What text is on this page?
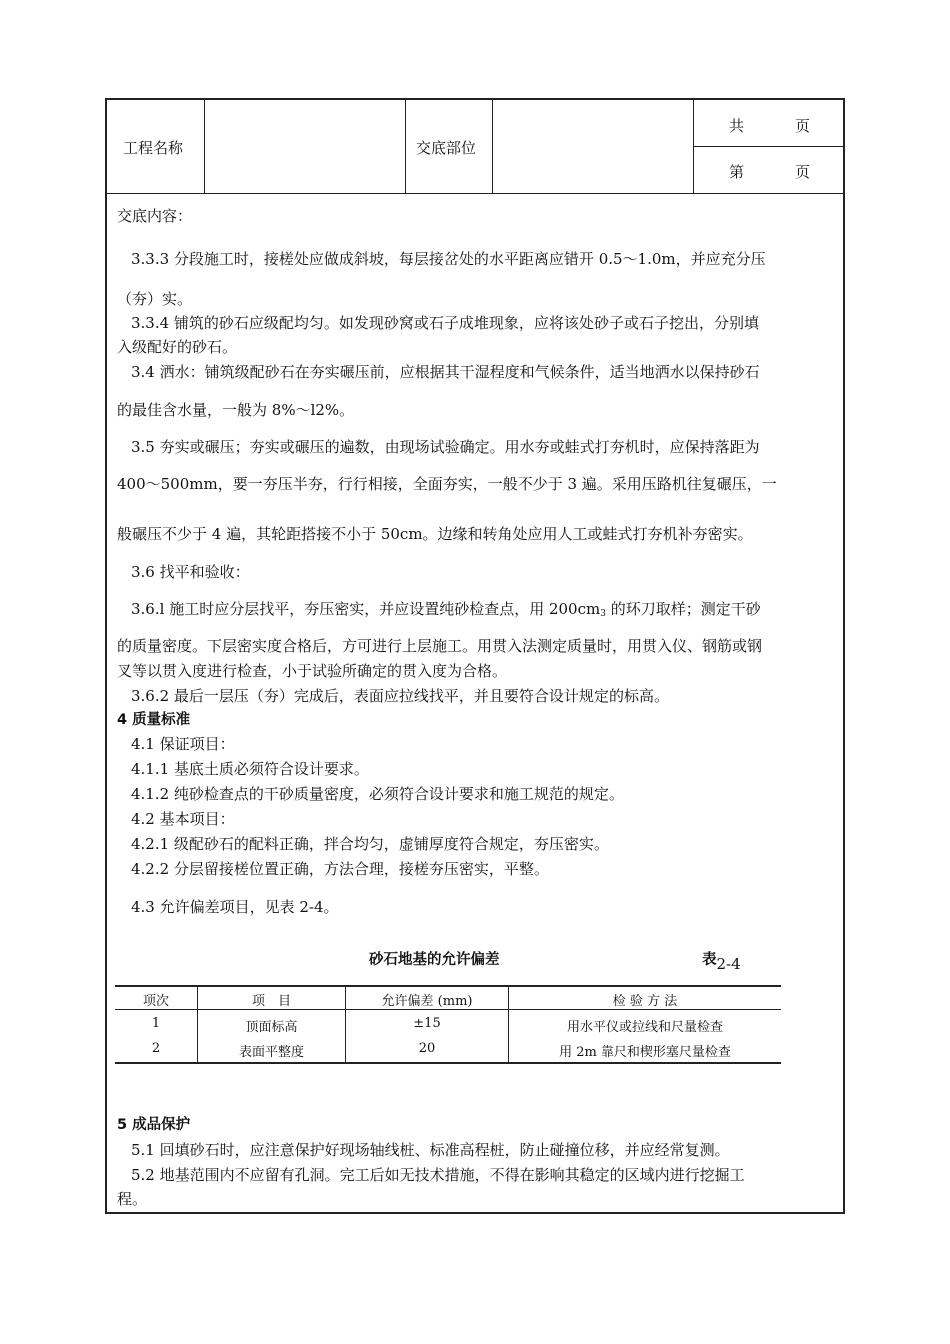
工程名称	交底部位
共	页
第	页
交底内容：
3.3.3 分段施工时，接槎处应做成斜坡，每层接岔处的水平距离应错开 0.5～1.0m，并应充分压
（夯）实。
3.3.4 铺筑的砂石应级配均匀。如发现砂窝或石子成堆现象，应将该处砂子或石子挖出，分别填
入级配好的砂石。
3.4 洒水：铺筑级配砂石在夯实碾压前，应根据其干湿程度和气候条件，适当地洒水以保持砂石
的最佳含水量，一般为 8%～l2%。
3.5 夯实或碾压；夯实或碾压的遍数，由现场试验确定。用水夯或蛙式打夯机时，应保持落距为
400～500mm，要一夯压半夯，行行相接，全面夯实，一般不少于 3 遍。采用压路机往复碾压，一
般碾压不少于 4 遍，其轮距搭接不小于 50cm。边缘和转角处应用人工或蛙式打夯机补夯密实。
3.6 找平和验收：
3.6.l 施工时应分层找平，夯压密实，并应设置纯砂检查点，用 $200cm_3$ 的环刀取样；测定干砂
的质量密度。下层密实度合格后，方可进行上层施工。用贯入法测定质量时，用贯入仪、钢筋或钢
叉等以贯入度进行检查，小于试验所确定的贯入度为合格。
3.6.2 最后一层压（夯）完成后，表面应拉线找平，并且要符合设计规定的标高。
4 质量标准
4.1 保证项目：
4.1.1 基底土质必须符合设计要求。
4.1.2 纯砂检查点的干砂质量密度，必须符合设计要求和施工规范的规定。
4.2 基本项目：
4.2.1 级配砂石的配料正确，拌合均匀，虚铺厚度符合规定，夯压密实。
4.2.2 分层留接槎位置正确，方法合理，接槎夯压密实，平整。
4.3 允许偏差项目，见表 2-4。
砂石地基的允许偏差	表2-4
项次	项　目	允许偏差 (mm)	检 验 方 法
1	顶面标高	±15	用水平仪或拉线和尺量检查
2	表面平整度	20	用 2m 靠尺和楔形塞尺量检查
5 成品保护
5.1 回填砂石时，应注意保护好现场轴线桩、标准高程桩，防止碰撞位移，并应经常复测。
5.2 地基范围内不应留有孔洞。完工后如无技术措施，不得在影响其稳定的区域内进行挖掘工
程。
